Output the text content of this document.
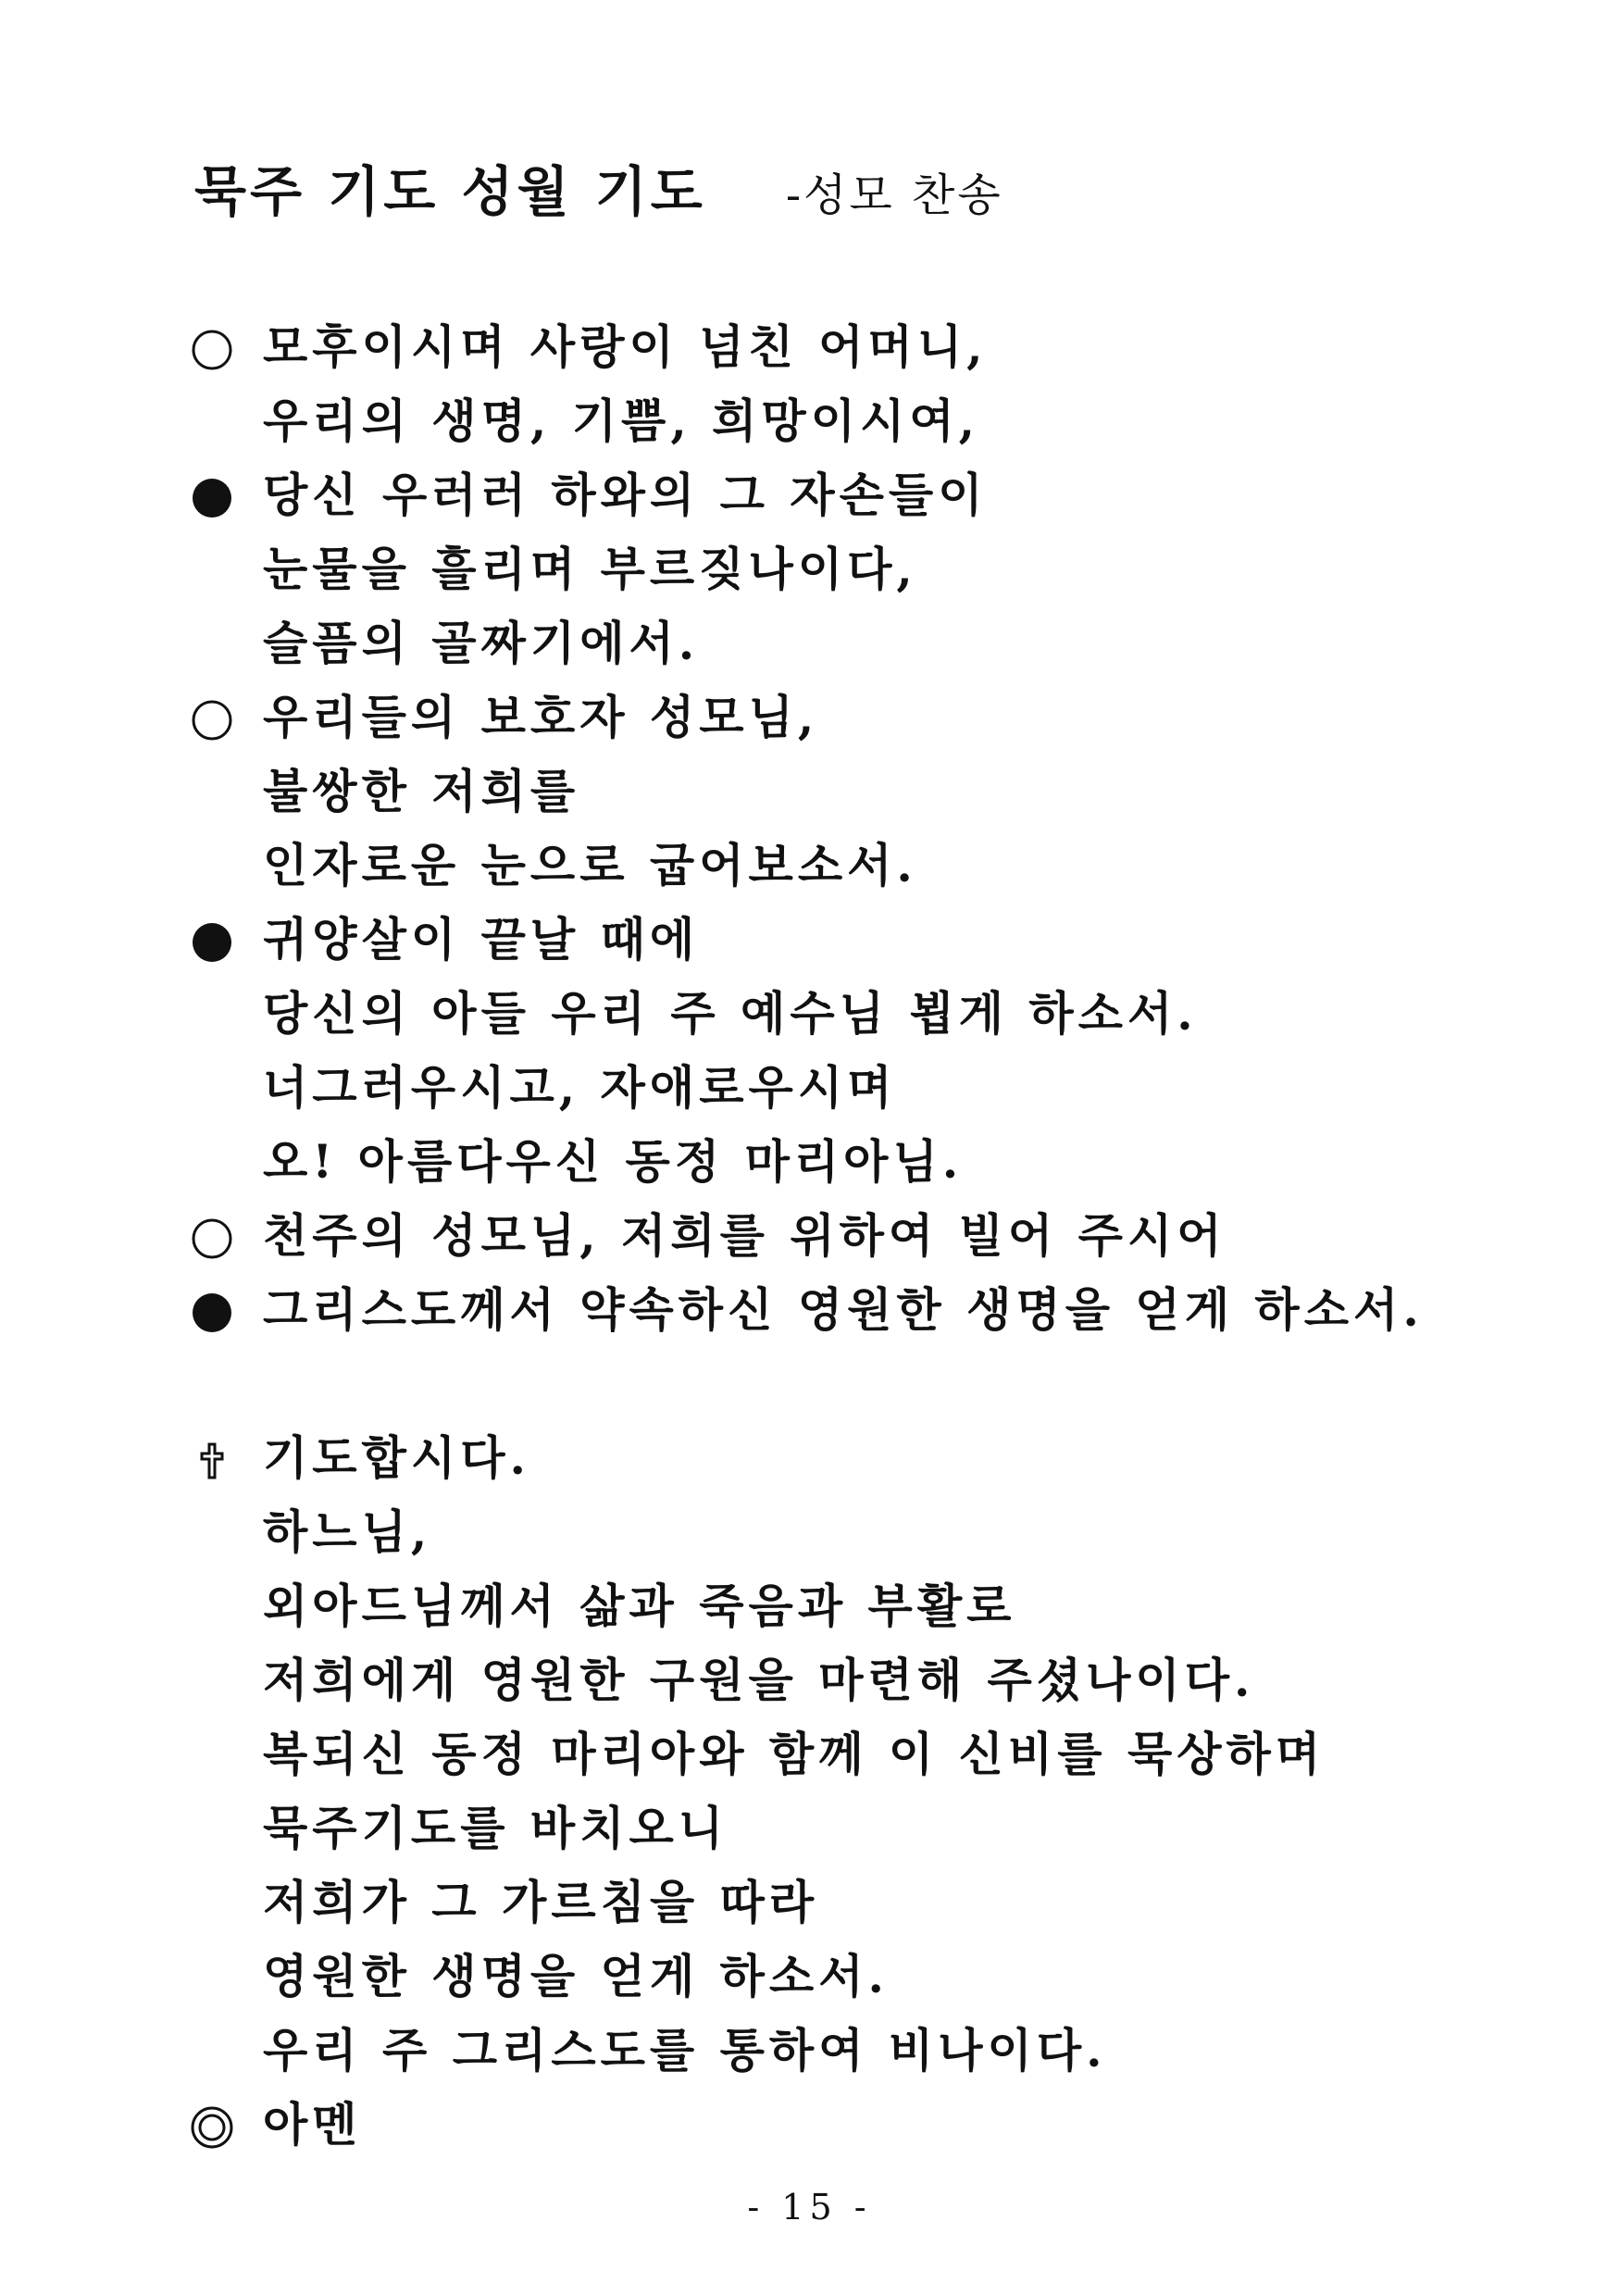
묵주 기도 성월 기도 -성모 찬송
모후이시며 사랑이 넘친 어머니,
우리의 생명, 기쁨, 희망이시여,
당신 우러러 하와의 그 자손들이
눈물을 흘리며 부르짖나이다,
슬픔의 골짜기에서.
우리들의 보호자 성모님,
불쌍한 저희를
인자로운 눈으로 굽어보소서.
귀양살이 끝날 때에
당신의 아들 우리 주 예수님 뵙게 하소서.
너그러우시고, 자애로우시며
오! 아름다우신 동정 마리아님.
천주의 성모님, 저희를 위하여 빌어 주시어
그리스도께서 약속하신 영원한 생명을 얻게 하소서.
기도합시다.
하느님,
외아드님께서 삶과 죽음과 부활로
저희에게 영원한 구원을 마련해 주셨나이다.
복되신 동정 마리아와 함께 이 신비를 묵상하며
묵주기도를 바치오니
저희가 그 가르침을 따라
영원한 생명을 얻게 하소서.
우리 주 그리스도를 통하여 비나이다.
아멘
- 15 -
